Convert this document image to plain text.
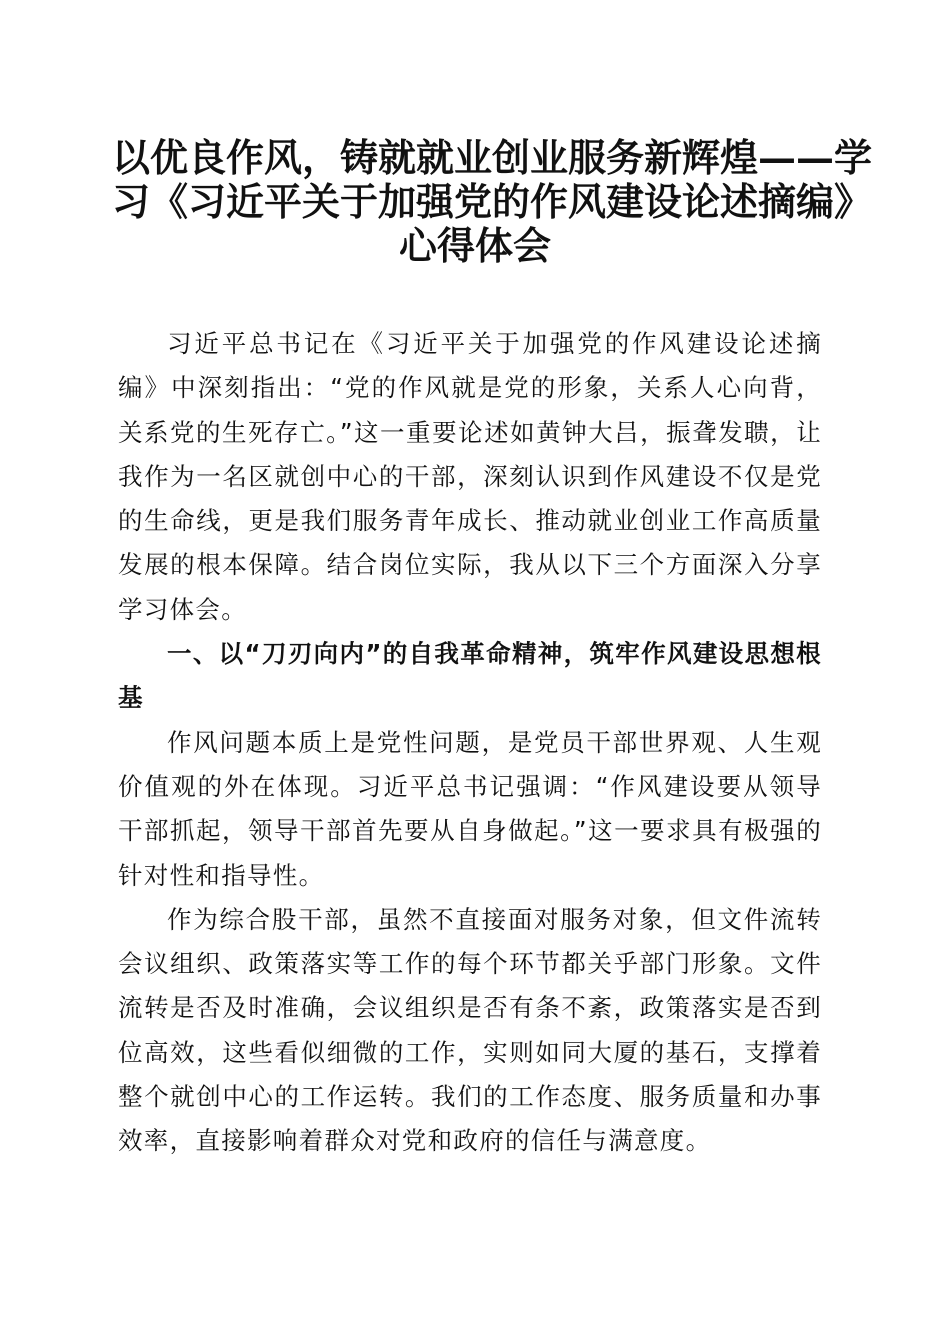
以优良作风，铸就就业创业服务新辉煌——学
习《习近平关于加强党的作风建设论述摘编》
心得体会

习近平总书记在《习近平关于加强党的作风建设论述摘编》中深刻指出：“党的作风就是党的形象，关系人心向背，关系党的生死存亡。”这一重要论述如黄钟大吕，振聋发聩，让我作为一名区就创中心的干部，深刻认识到作风建设不仅是党的生命线，更是我们服务青年成长、推动就业创业工作高质量发展的根本保障。结合岗位实际，我从以下三个方面深入分享学习体会。

一、以“刀刃向内”的自我革命精神，筑牢作风建设思想根基

作风问题本质上是党性问题，是党员干部世界观、人生观价值观的外在体现。习近平总书记强调：“作风建设要从领导干部抓起，领导干部首先要从自身做起。”这一要求具有极强的针对性和指导性。

作为综合股干部，虽然不直接面对服务对象，但文件流转会议组织、政策落实等工作的每个环节都关乎部门形象。文件流转是否及时准确，会议组织是否有条不紊，政策落实是否到位高效，这些看似细微的工作，实则如同大厦的基石，支撑着整个就创中心的工作运转。我们的工作态度、服务质量和办事效率，直接影响着群众对党和政府的信任与满意度。
